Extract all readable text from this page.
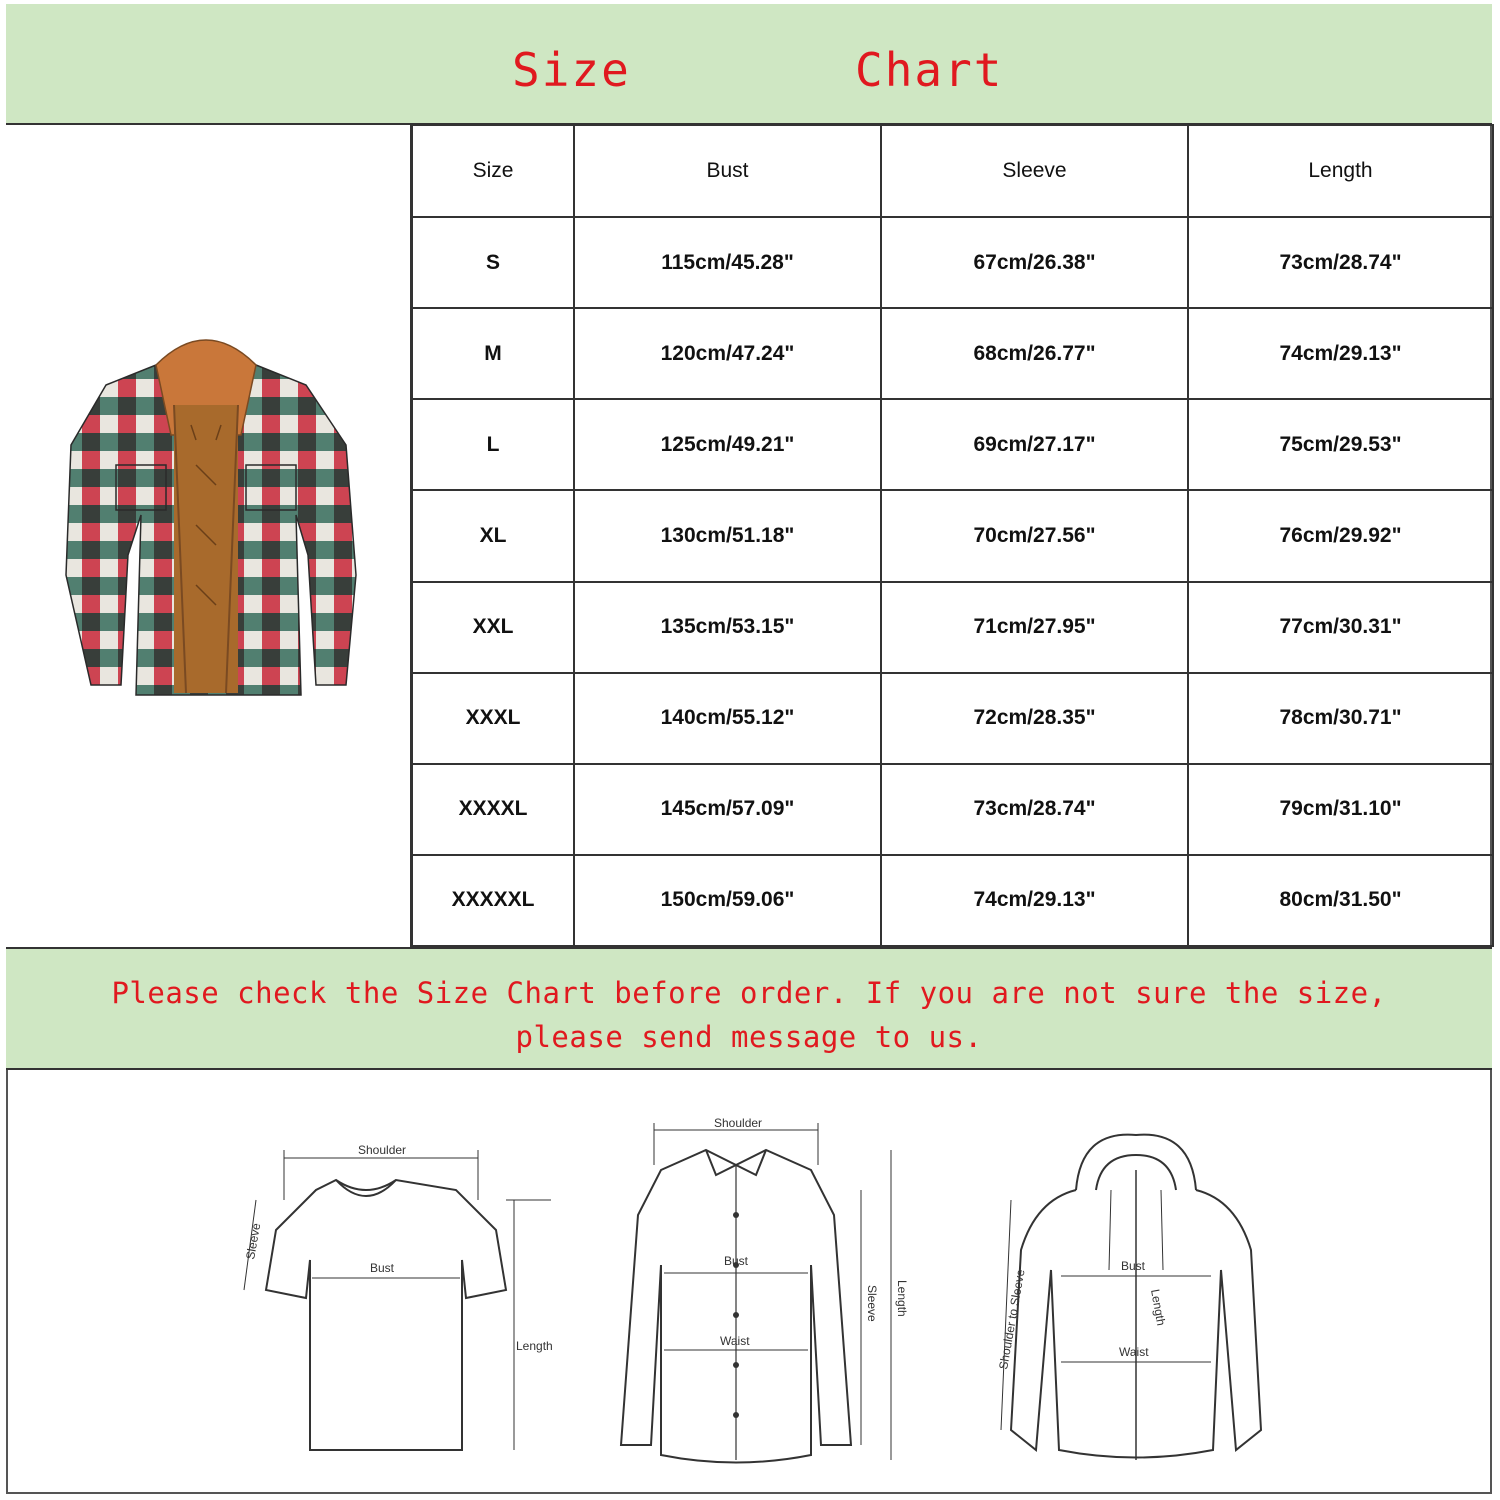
Size	Chart
Size	Bust	Sleeve	Length
S	115cm/45.28"	67cm/26.38"	73cm/28.74"
M	120cm/47.24"	68cm/26.77"	74cm/29.13"
L	125cm/49.21"	69cm/27.17"	75cm/29.53"
XL	130cm/51.18"	70cm/27.56"	76cm/29.92"
XXL	135cm/53.15"	71cm/27.95"	77cm/30.31"
XXXL	140cm/55.12"	72cm/28.35"	78cm/30.71"
XXXXL	145cm/57.09"	73cm/28.74"	79cm/31.10"
XXXXXL	150cm/59.06"	74cm/29.13"	80cm/31.50"
Please check the Size Chart before order. If you are not sure the size,
please send message to us.
Shoulder
Sleeve
Bust
Length
Shoulder
Bust
Waist
Sleeve Length	Shoulder to Sleeve
Bust
Waist
Length
